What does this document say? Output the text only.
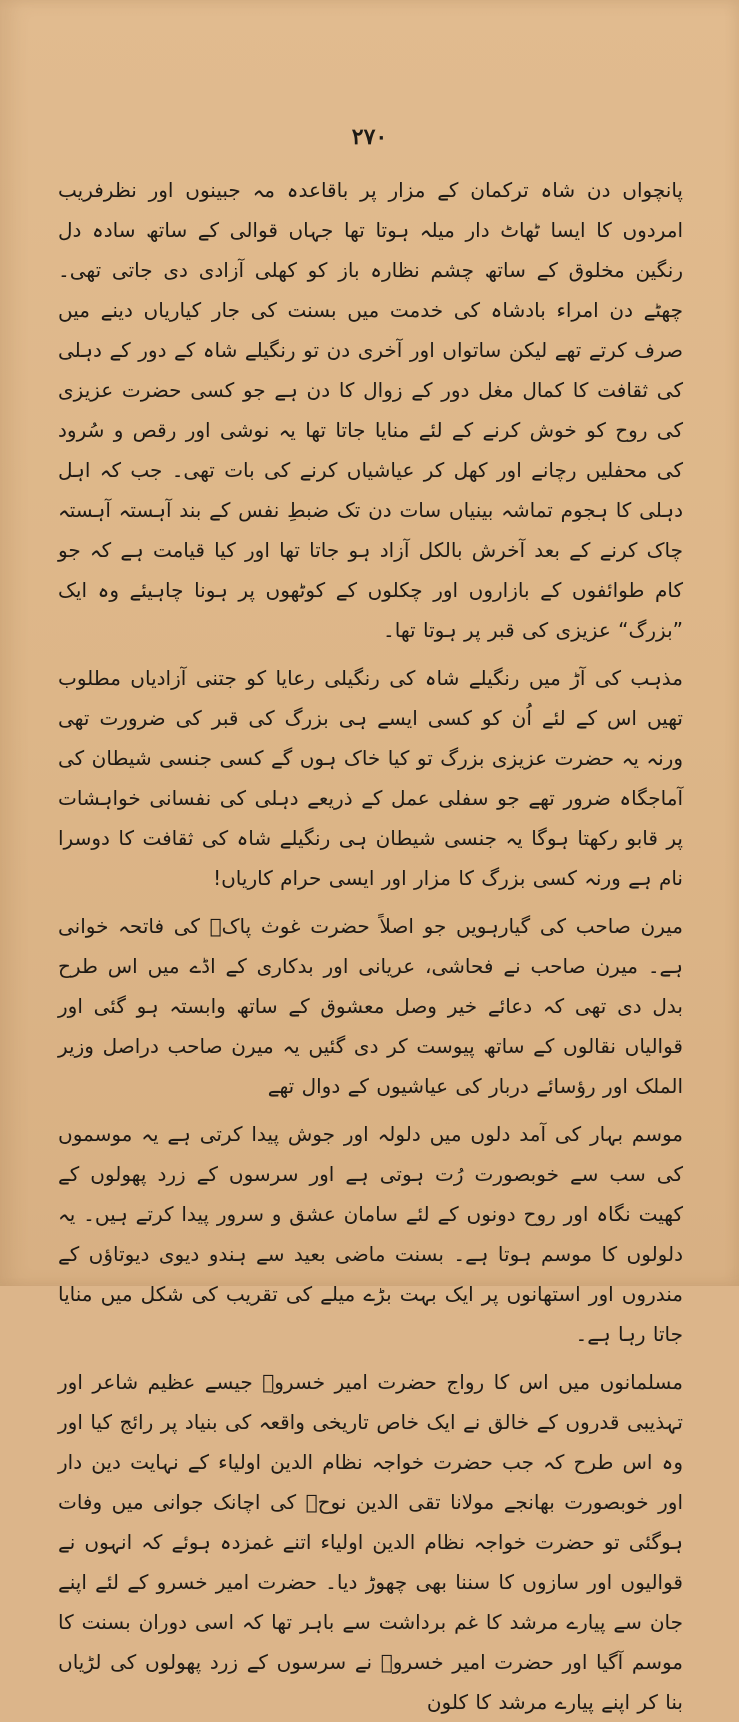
٢٧٠

پانچواں دن شاہ ترکمان کے مزار پر باقاعدہ مہ جبینوں اور نظرفریب امردوں کا ایسا ٹھاٹ دار میلہ ہوتا تھا جہاں قوالی کے ساتھ سادہ دل رنگین مخلوق کے ساتھ چشم نظارہ باز کو کھلی آزادی دی جاتی تھی۔ چھٹے دن امراء بادشاہ کی خدمت میں بسنت کی جار کیاریاں دینے میں صرف کرتے تھے لیکن ساتواں اور آخری دن تو رنگیلے شاہ کے دور کے دہلی کی ثقافت کا کمال مغل دور کے زوال کا دن ہے جو کسی حضرت عزیزی کی روح کو خوش کرنے کے لئے منایا جاتا تھا یہ نوشی اور رقص و سُرود کی محفلیں رچانے اور کھل کر عیاشیاں کرنے کی بات تھی۔ جب کہ اہل دہلی کا ہجوم تماشہ بینیاں سات دن تک ضبطِ نفس کے بند آہستہ آہستہ چاک کرنے کے بعد آخرش بالکل آزاد ہو جاتا تھا اور کیا قیامت ہے کہ جو کام طوائفوں کے بازاروں اور چکلوں کے کوٹھوں پر ہونا چاہیئے وہ ایک ”بزرگ“ عزیزی کی قبر پر ہوتا تھا۔

مذہب کی آڑ میں رنگیلے شاہ کی رنگیلی رعایا کو جتنی آزادیاں مطلوب تھیں اس کے لئے اُن کو کسی ایسے ہی بزرگ کی قبر کی ضرورت تھی ورنہ یہ حضرت عزیزی بزرگ تو کیا خاک ہوں گے کسی جنسی شیطان کی آماجگاہ ضرور تھے جو سفلی عمل کے ذریعے دہلی کی نفسانی خواہشات پر قابو رکھتا ہوگا یہ جنسی شیطان ہی رنگیلے شاہ کی ثقافت کا دوسرا نام ہے ورنہ کسی بزرگ کا مزار اور ایسی حرام کاریاں!

میرن صاحب کی گیارہویں جو اصلاً حضرت غوث پاکؒ کی فاتحہ خوانی ہے۔ میرن صاحب نے فحاشی، عریانی اور بدکاری کے اڈے میں اس طرح بدل دی تھی کہ دعائے خیر وصل معشوق کے ساتھ وابستہ ہو گئی اور قوالیاں نقالوں کے ساتھ پیوست کر دی گئیں یہ میرن صاحب دراصل وزیر الملک اور رؤسائے دربار کی عیاشیوں کے دوال تھے

موسم بہار کی آمد دلوں میں دلولہ اور جوش پیدا کرتی ہے یہ موسموں کی سب سے خوبصورت رُت ہوتی ہے اور سرسوں کے زرد پھولوں کے کھیت نگاہ اور روح دونوں کے لئے سامان عشق و سرور پیدا کرتے ہیں۔ یہ دلولوں کا موسم ہوتا ہے۔ بسنت ماضی بعید سے ہندو دیوی دیوتاؤں کے مندروں اور استھانوں پر ایک بہت بڑے میلے کی تقریب کی شکل میں منایا جاتا رہا ہے۔

مسلمانوں میں اس کا رواج حضرت امیر خسروؒ جیسے عظیم شاعر اور تہذیبی قدروں کے خالق نے ایک خاص تاریخی واقعہ کی بنیاد پر رائج کیا اور وہ اس طرح کہ جب حضرت خواجہ نظام الدین اولیاء کے نہایت دین دار اور خوبصورت بھانجے مولانا تقی الدین نوحؒ کی اچانک جوانی میں وفات ہوگئی تو حضرت خواجہ نظام الدین اولیاء اتنے غمزدہ ہوئے کہ انہوں نے قوالیوں اور سازوں کا سننا بھی چھوڑ دیا۔ حضرت امیر خسرو کے لئے اپنے جان سے پیارے مرشد کا غم برداشت سے باہر تھا کہ اسی دوران بسنت کا موسم آگیا اور حضرت امیر خسروؒ نے سرسوں کے زرد پھولوں کی لڑیاں بنا کر اپنے پیارے مرشد کا کلون
